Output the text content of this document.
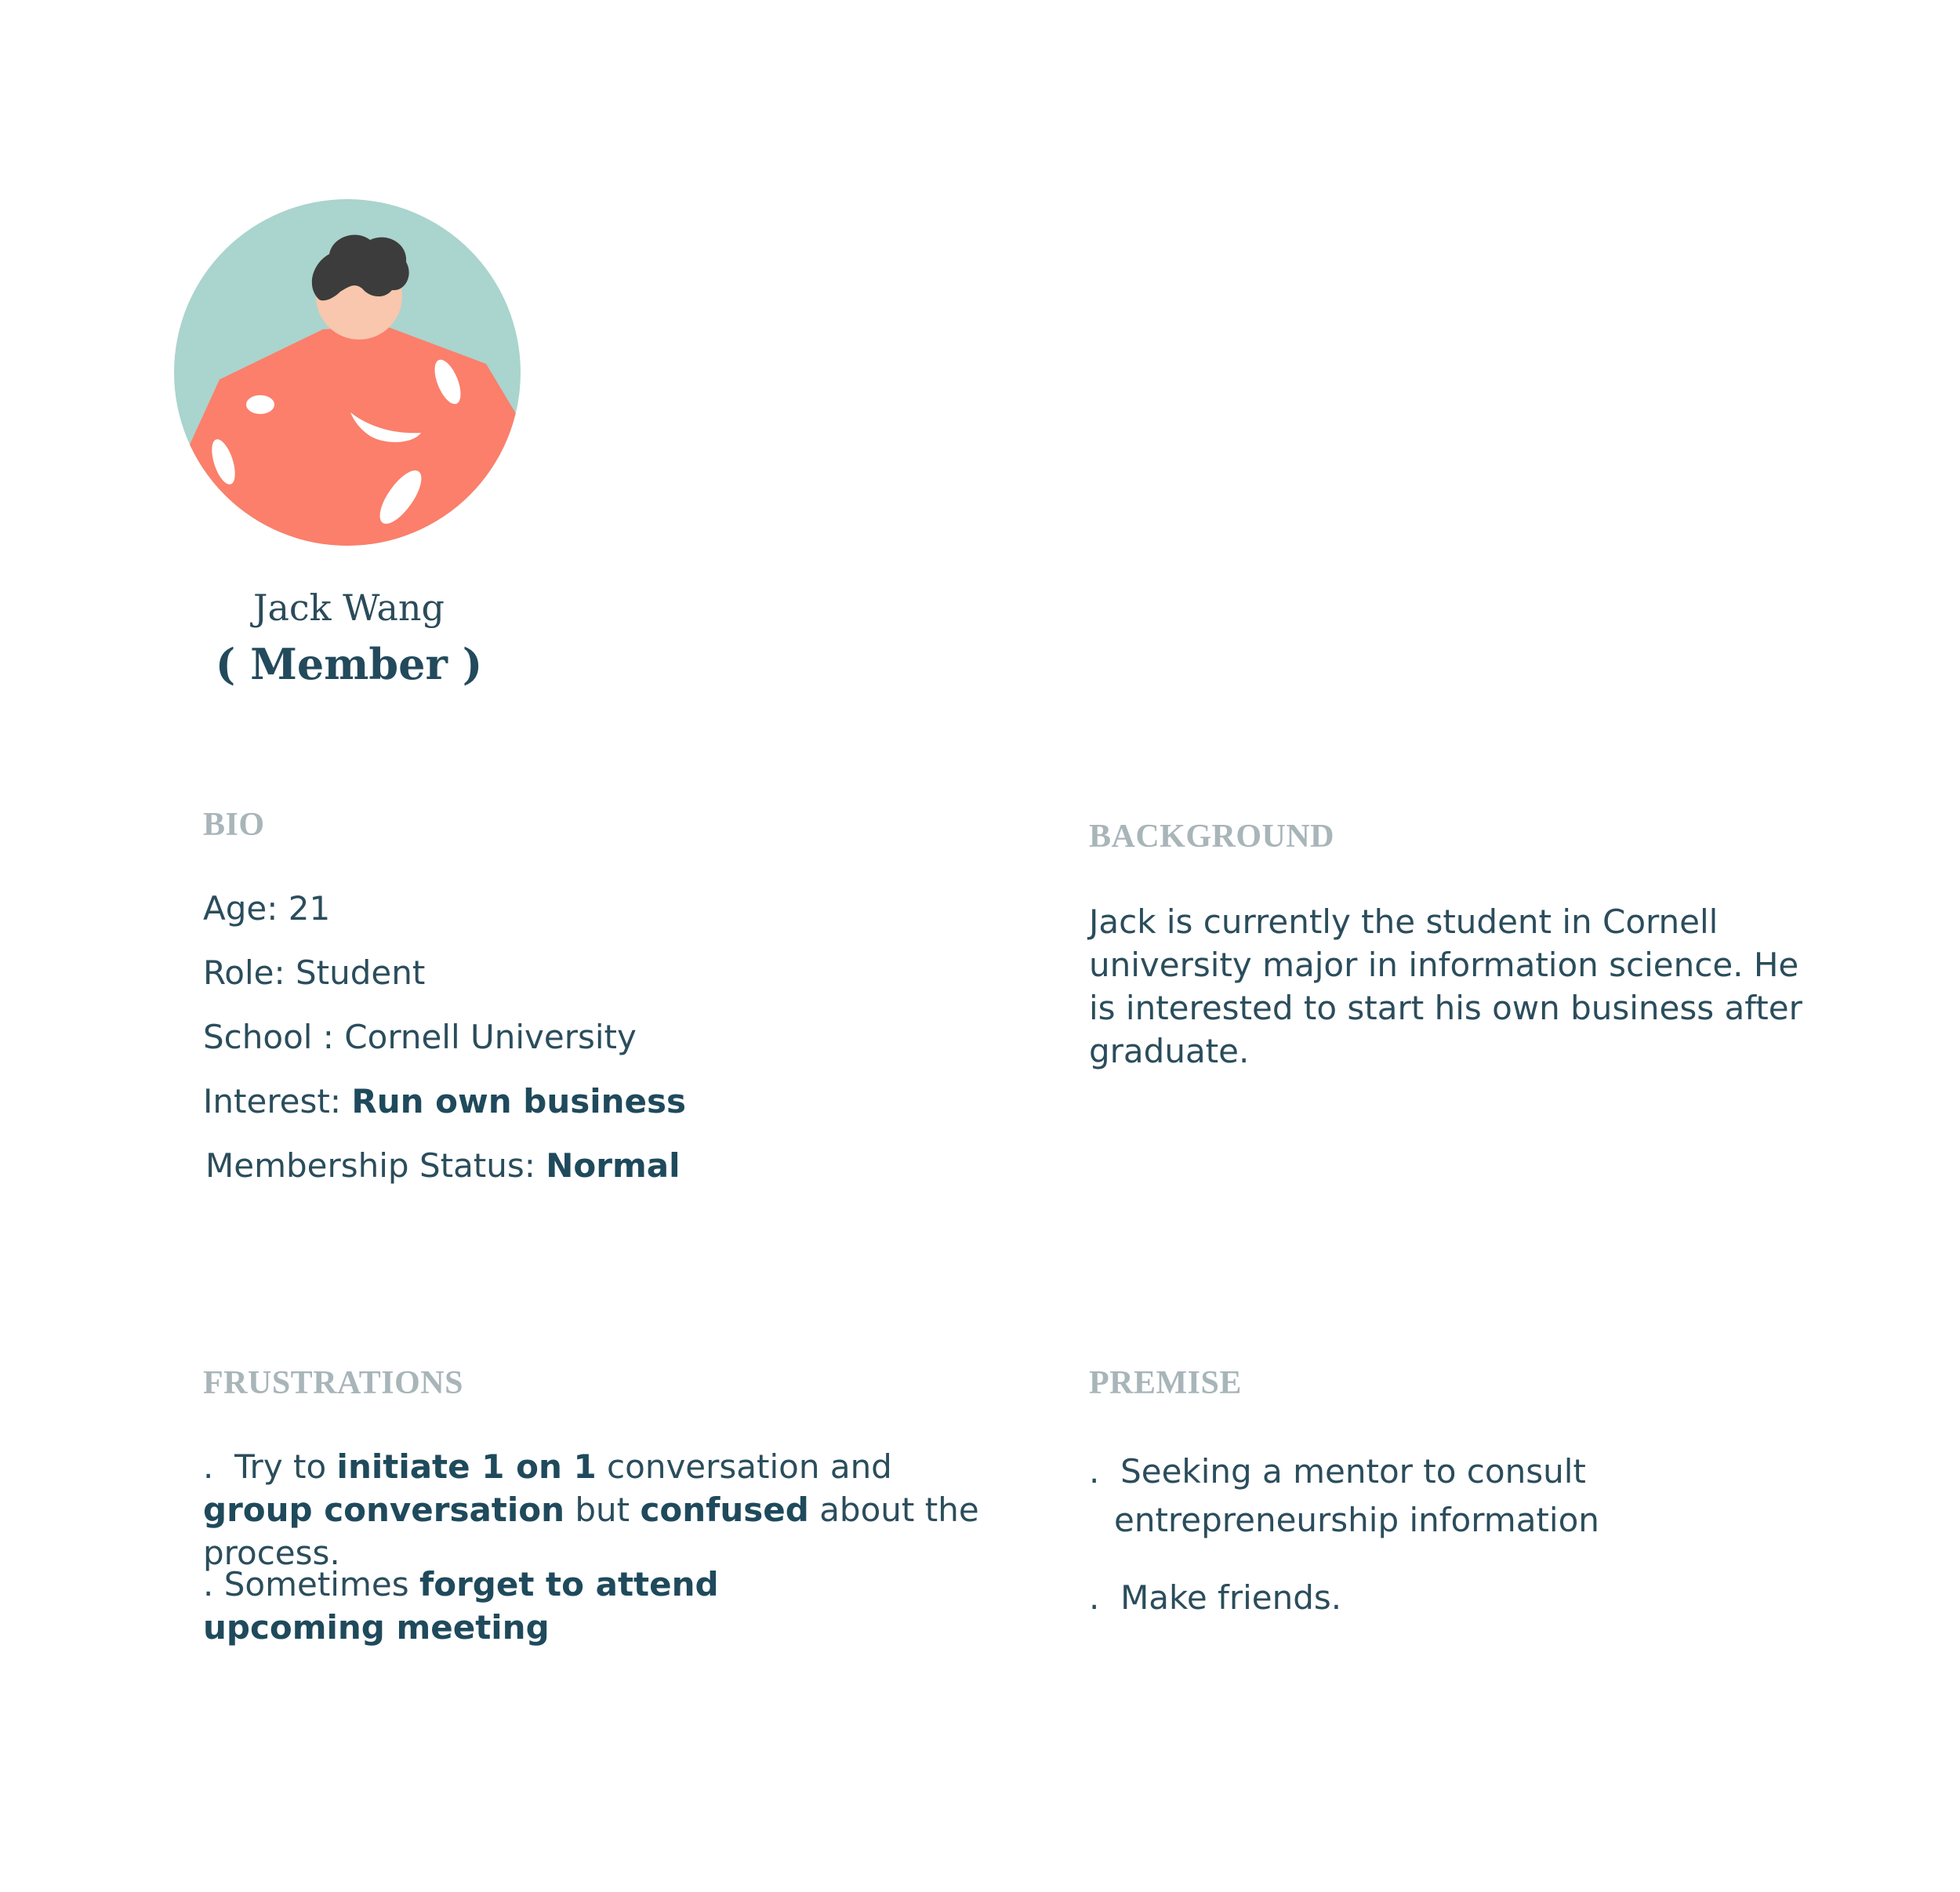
Jack Wang
( Member )
BIO
Age: 21
Role: Student
School : Cornell University
Interest: Run own business
Membership Status: Normal
BACKGROUND
Jack is currently the student in Cornell university major in information science. He is interested to start his own business after graduate.
FRUSTRATIONS
. Try to initiate 1 on 1 conversation and group conversation but confused about the process.
. Sometimes forget to attend upcoming meeting
PREMISE
. Seeking a mentor to consult
entrepreneurship information
. Make friends.
